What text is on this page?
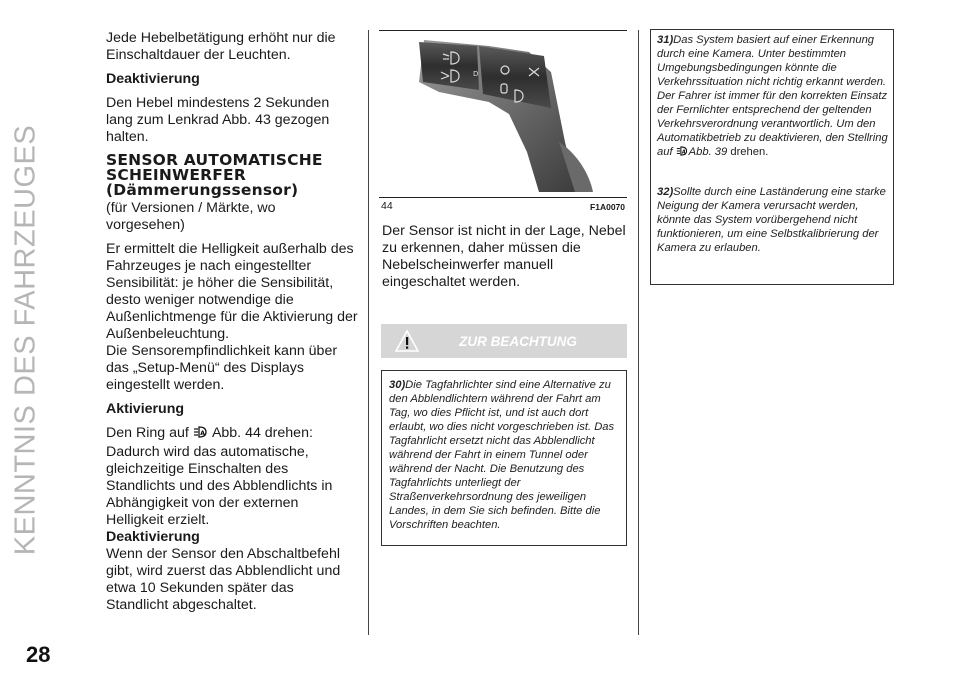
KENNTNIS DES FAHRZEUGES
28

Jede Hebelbetätigung erhöht nur die Einschaltdauer der Leuchten.

Deaktivierung

Den Hebel mindestens 2 Sekunden lang zum Lenkrad Abb. 43 gezogen halten.

SENSOR AUTOMATISCHE SCHEINWERFER (Dämmerungssensor)

(für Versionen / Märkte, wo vorgesehen)

Er ermittelt die Helligkeit außerhalb des Fahrzeuges je nach eingestellter Sensibilität: je höher die Sensibilität, desto weniger notwendige die Außenlichtmenge für die Aktivierung der Außenbeleuchtung.

Die Sensorempfindlichkeit kann über das „Setup-Menü“ des Displays eingestellt werden.

Aktivierung

Den Ring auf A Abb. 44 drehen: Dadurch wird das automatische, gleichzeitige Einschalten des Standlichts und des Abblendlichts in Abhängigkeit von der externen Helligkeit erzielt.

Deaktivierung

Wenn der Sensor den Abschaltbefehl gibt, wird zuerst das Abblendlicht und etwa 10 Sekunden später das Standlicht abgeschaltet.

D
44	F1A0070

Der Sensor ist nicht in der Lage, Nebel zu erkennen, daher müssen die Nebelscheinwerfer manuell eingeschaltet werden.

ZUR BEACHTUNG
30)Die Tagfahrlichter sind eine Alternative zu den Abblendlichtern während der Fahrt am Tag, wo dies Pflicht ist, und ist auch dort erlaubt, wo dies nicht vorgeschrieben ist. Das Tagfahrlicht ersetzt nicht das Abblendlicht während der Fahrt in einem Tunnel oder während der Nacht. Die Benutzung des Tagfahrlichts unterliegt der Straßenverkehrsordnung des jeweiligen Landes, in dem Sie sich befinden. Bitte die Vorschriften beachten.
31)Das System basiert auf einer Erkennung durch eine Kamera. Unter bestimmten Umgebungsbedingungen könnte die Verkehrssituation nicht richtig erkannt werden. Der Fahrer ist immer für den korrekten Einsatz der Fernlichter entsprechend der geltenden Verkehrsverordnung verantwortlich. Um den Automatikbetrieb zu deaktivieren, den Stellring auf A Abb. 39 drehen.
32)Sollte durch eine Laständerung eine starke Neigung der Kamera verursacht werden, könnte das System vorübergehend nicht funktionieren, um eine Selbstkalibrierung der Kamera zu erlauben.
